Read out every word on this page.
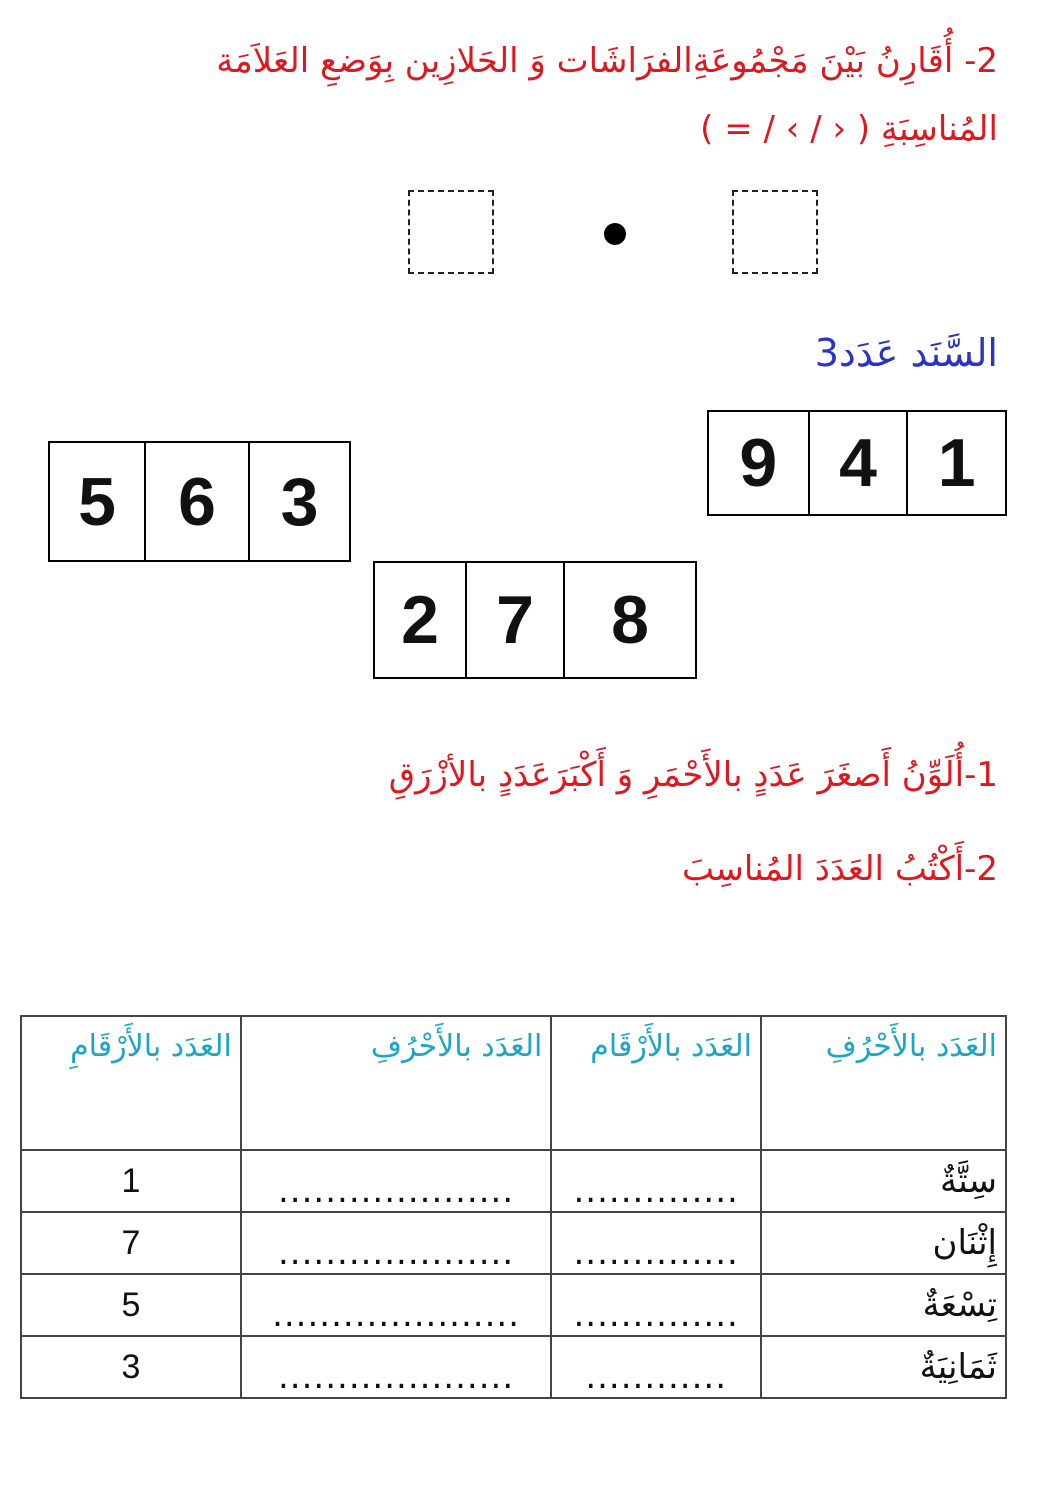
2- أُقَارِنُ بَيْنَ مَجْمُوعَةِالفرَاشَات وَ الحَلازِين بِوَضعِ العَلاَمَة
المُناسِبَةِ ( ‹ / › / = )
السَّنَد عَدَد3
1
4
9
3
6
5
8
7
2
1-أُلَوِّنُ أَصغَرَ عَدَدٍ بالأَحْمَرِ وَ أَكْبَرَعَدَدٍ بالأزْرَقِ
2-أَكْتُبُ العَدَدَ المُناسِبَ
العَدَد بالأَحْرُفِ	العَدَد بالأَرْقَام	العَدَد بالأَحْرُفِ	العَدَد بالأَرْقَامِ
سِتَّةٌ	..............	....................	1
إِثْنَان	..............	....................	7
تِسْعَةٌ	..............	.....................	5
ثَمَانِيَةٌ	............	....................	3
